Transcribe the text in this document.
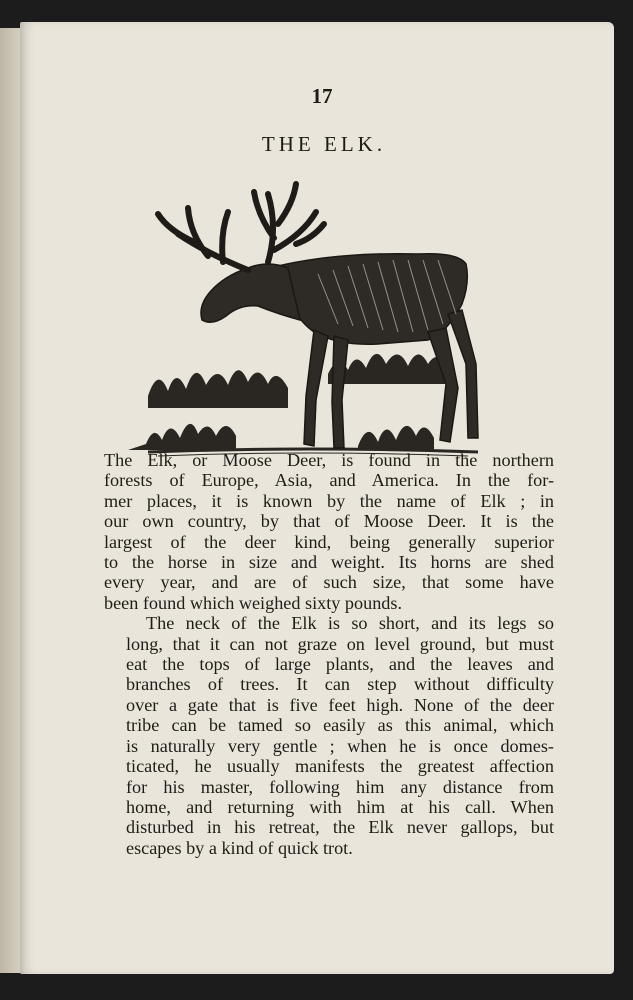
17
THE ELK.

The Elk, or Moose Deer, is found in the northern
forests of Europe, Asia, and America. In the for-
mer places, it is known by the name of Elk ; in
our own country, by that of Moose Deer. It is the
largest of the deer kind, being generally superior
to the horse in size and weight. Its horns are shed
every year, and are of such size, that some have
been found which weighed sixty pounds.

The neck of the Elk is so short, and its legs so
long, that it can not graze on level ground, but must
eat the tops of large plants, and the leaves and
branches of trees. It can step without difficulty
over a gate that is five feet high. None of the deer
tribe can be tamed so easily as this animal, which
is naturally very gentle ; when he is once domes-
ticated, he usually manifests the greatest affection
for his master, following him any distance from
home, and returning with him at his call. When
disturbed in his retreat, the Elk never gallops, but
escapes by a kind of quick trot.
